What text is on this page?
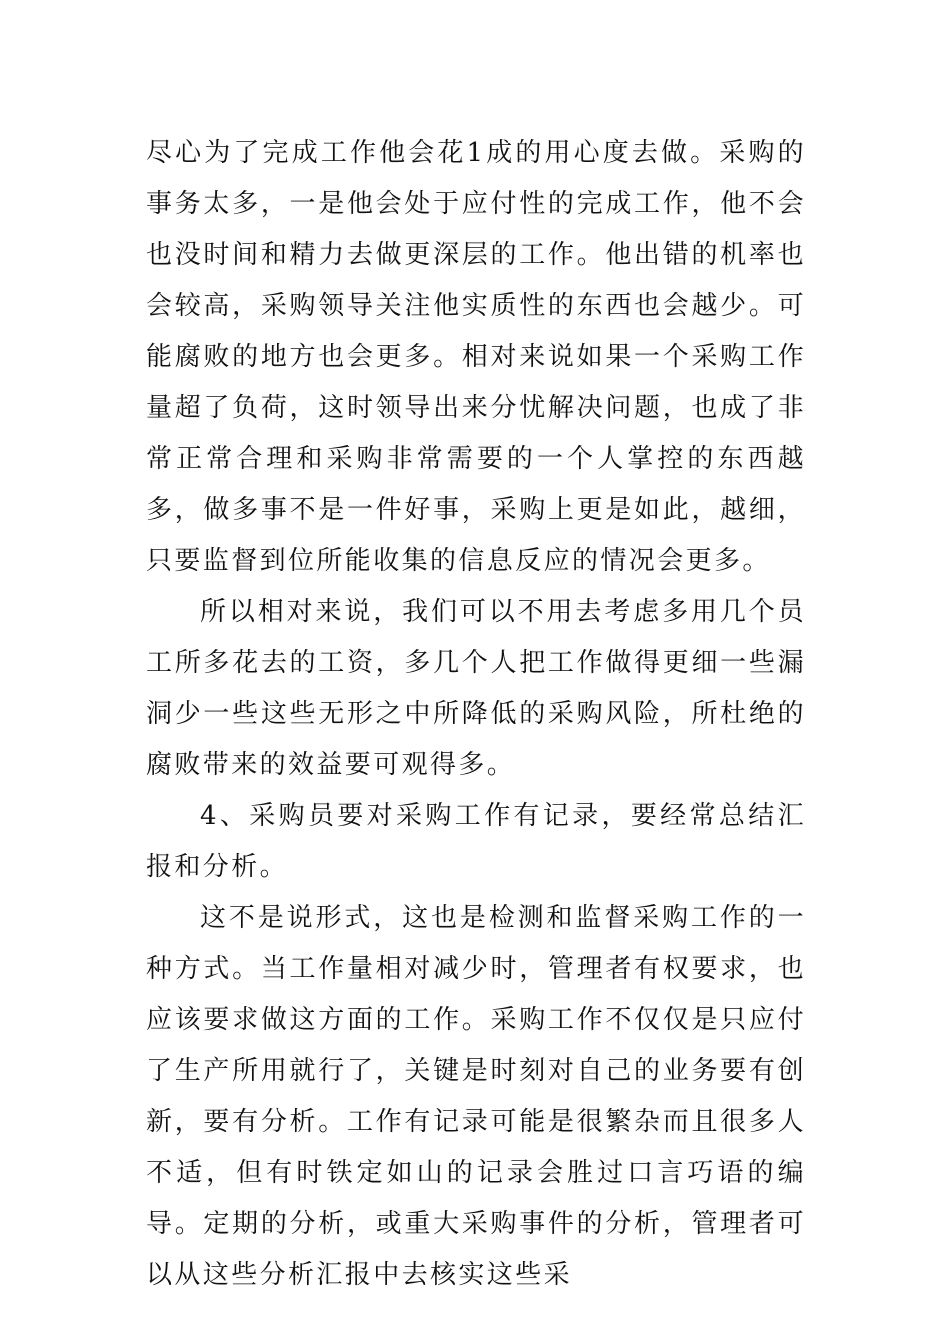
尽心为了完成工作他会花1成的用心度去做。采购的事务太多，一是他会处于应付性的完成工作，他不会也没时间和精力去做更深层的工作。他出错的机率也会较高，采购领导关注他实质性的东西也会越少。可能腐败的地方也会更多。相对来说如果一个采购工作量超了负荷，这时领导出来分忧解决问题，也成了非常正常合理和采购非常需要的一个人掌控的东西越多，做多事不是一件好事，采购上更是如此，越细，只要监督到位所能收集的信息反应的情况会更多。

所以相对来说，我们可以不用去考虑多用几个员工所多花去的工资，多几个人把工作做得更细一些漏洞少一些这些无形之中所降低的采购风险，所杜绝的腐败带来的效益要可观得多。

4、采购员要对采购工作有记录，要经常总结汇报和分析。

这不是说形式，这也是检测和监督采购工作的一种方式。当工作量相对减少时，管理者有权要求，也应该要求做这方面的工作。采购工作不仅仅是只应付了生产所用就行了，关键是时刻对自己的业务要有创新，要有分析。工作有记录可能是很繁杂而且很多人不适，但有时铁定如山的记录会胜过口言巧语的编导。定期的分析，或重大采购事件的分析，管理者可以从这些分析汇报中去核实这些采
